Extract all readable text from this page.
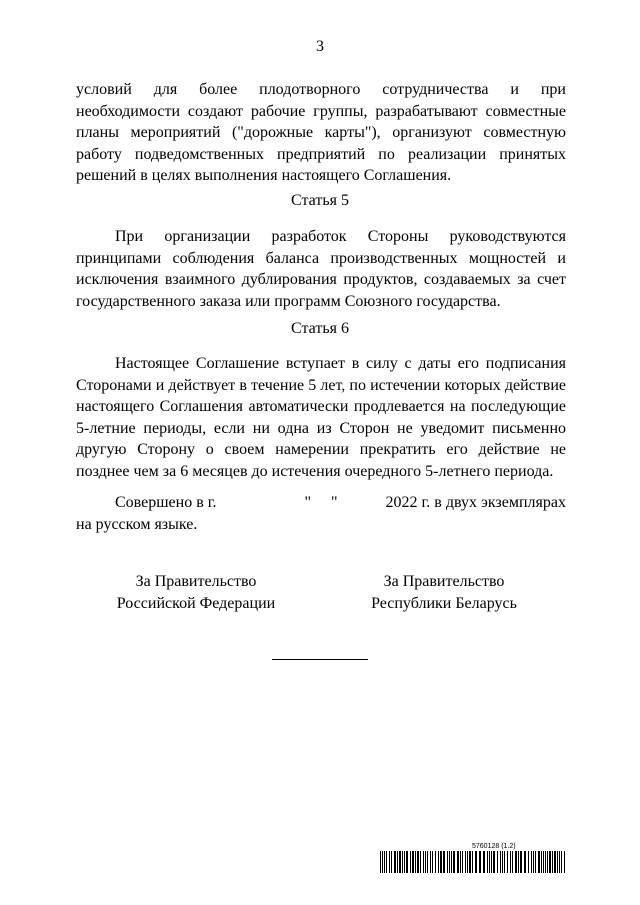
3

условий для более плодотворного сотрудничества и при необходимости создают рабочие группы, разрабатывают совместные планы мероприятий ("дорожные карты"), организуют совместную работу подведомственных предприятий по реализации принятых решений в целях выполнения настоящего Соглашения.

Статья 5

При организации разработок Стороны руководствуются принципами соблюдения баланса производственных мощностей и исключения взаимного дублирования продуктов, создаваемых за счет государственного заказа или программ Союзного государства.

Статья 6

Настоящее Соглашение вступает в силу с даты его подписания Сторонами и действует в течение 5 лет, по истечении которых действие настоящего Соглашения автоматически продлевается на последующие 5-летние периоды, если ни одна из Сторон не уведомит письменно другую Сторону о своем намерении прекратить его действие не позднее чем за 6 месяцев до истечения очередного 5-летнего периода.

Совершено в г.	"     "	2022 г. в двух экземплярах
на русском языке.
За Правительство
Российской Федерации
За Правительство
Республики Беларусь
5760128 (1.2)
